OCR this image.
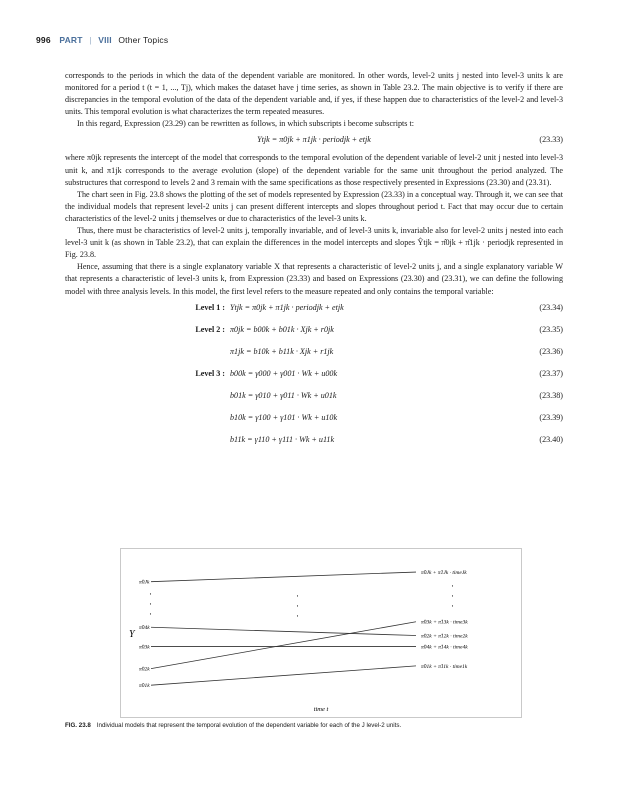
996 PART | VIII Other Topics

corresponds to the periods in which the data of the dependent variable are monitored. In other words, level-2 units j nested into level-3 units k are monitored for a period t (t = 1, ..., Tj), which makes the dataset have j time series, as shown in Table 23.2. The main objective is to verify if there are discrepancies in the temporal evolution of the data of the dependent variable and, if yes, if these happen due to characteristics of the level-2 and level-3 units. This temporal evolution is what characterizes the term repeated measures.

In this regard, Expression (23.29) can be rewritten as follows, in which subscripts i become subscripts t:

Ytjk = π0jk + π1jk · periodjk + etjk	(23.33)

where π0jk represents the intercept of the model that corresponds to the temporal evolution of the dependent variable of level-2 unit j nested into level-3 unit k, and π1jk corresponds to the average evolution (slope) of the dependent variable for the same unit throughout the period analyzed. The substructures that correspond to levels 2 and 3 remain with the same specifications as those respectively presented in Expressions (23.30) and (23.31).

The chart seen in Fig. 23.8 shows the plotting of the set of models represented by Expression (23.33) in a conceptual way. Through it, we can see that the individual models that represent level-2 units j can present different intercepts and slopes throughout period t. Fact that may occur due to certain characteristics of the level-2 units j themselves or due to characteristics of the level-3 units k.

Thus, there must be characteristics of level-2 units j, temporally invariable, and of level-3 units k, invariable also for level-2 units j nested into each level-3 unit k (as shown in Table 23.2), that can explain the differences in the model intercepts and slopes Ŷtjk = π̂0jk + π̂1jk · periodjk represented in Fig. 23.8.

Hence, assuming that there is a single explanatory variable X that represents a characteristic of level-2 units j, and a single explanatory variable W that represents a characteristic of level-3 units k, from Expression (23.33) and based on Expressions (23.30) and (23.31), we can define the following model with three analysis levels. In this model, the first level refers to the measure repeated and only contains the temporal variable:

Level 1 : Ytjk = π0jk + π1jk · periodjk + etjk	(23.34)
Level 2 : π0jk = b00k + b01k · Xjk + r0jk	(23.35)
π1jk = b10k + b11k · Xjk + r1jk	(23.36)
Level 3 : b00k = γ000 + γ001 · Wk + u00k	(23.37)
b01k = γ010 + γ011 · Wk + u01k	(23.38)
b10k = γ100 + γ101 · Wk + u10k	(23.39)
b11k = γ110 + γ111 · Wk + u11k	(23.40)
Y
time t
π̂0Jk
π̂0Jk + π̂1Jk · timeJk
π̂04k
π̂02k + π̂12k · time2k
π̂03k	π̂04k + π̂14k · time4k
π̂02k
π̂03k + π̂13k · time3k
π̂01k
π̂01k + π̂11k · time1k
·
·
·
·
·
·
·
·
·
FIG. 23.8 Individual models that represent the temporal evolution of the dependent variable for each of the J level-2 units.
